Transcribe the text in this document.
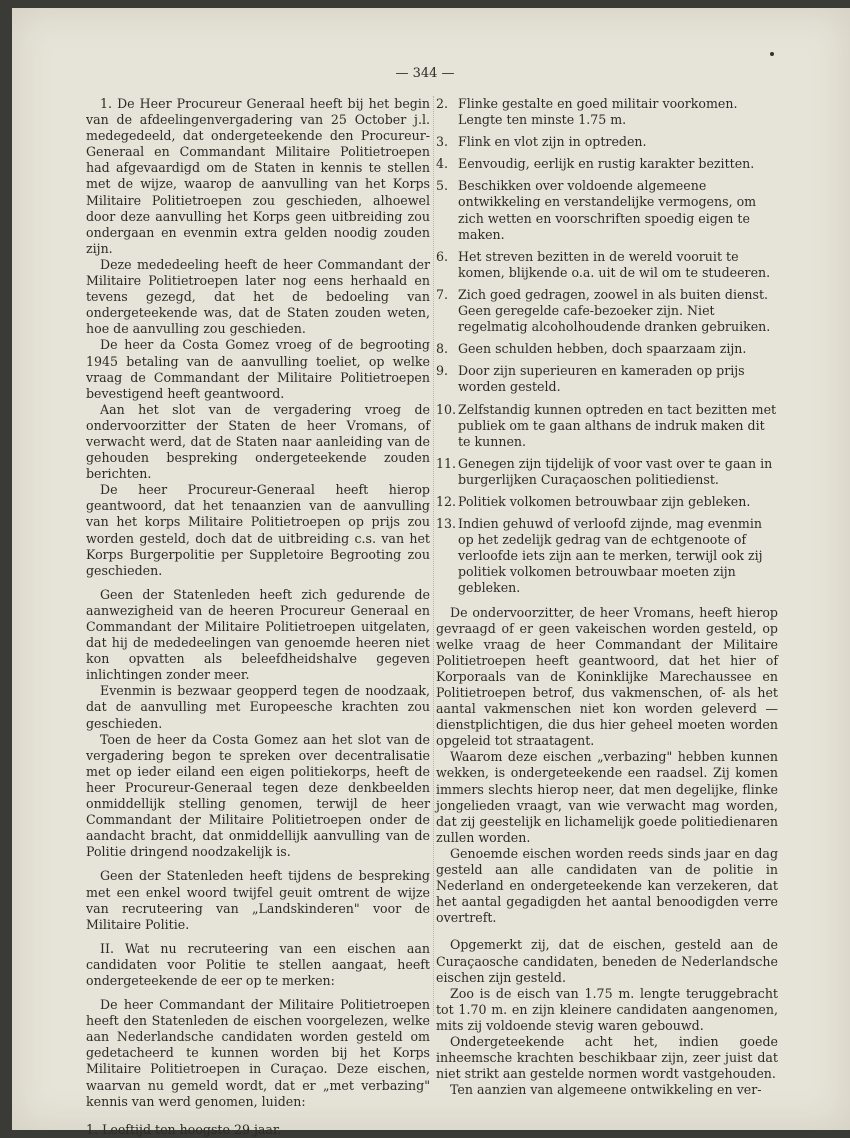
— 344 —

1. De Heer Procureur Generaal heeft bij het begin van de afdeelingenvergadering van 25 October j.l. medegedeeld, dat ondergeteekende den Procureur-Generaal en Commandant Militaire Politietroepen had afgevaardigd om de Staten in kennis te stellen met de wijze, waarop de aanvulling van het Korps Militaire Politietroepen zou geschieden, alhoewel door deze aanvulling het Korps geen uitbreiding zou ondergaan en evenmin extra gelden noodig zouden zijn.

Deze mededeeling heeft de heer Commandant der Militaire Politietroepen later nog eens herhaald en tevens gezegd, dat het de bedoeling van ondergeteekende was, dat de Staten zouden weten, hoe de aanvulling zou geschieden.

De heer da Costa Gomez vroeg of de begrooting 1945 betaling van de aanvulling toeliet, op welke vraag de Commandant der Militaire Politietroepen bevestigend heeft geantwoord.

Aan het slot van de vergadering vroeg de ondervoorzitter der Staten de heer Vromans, of verwacht werd, dat de Staten naar aanleiding van de gehouden bespreking ondergeteekende zouden berichten.

De heer Procureur-Generaal heeft hierop geantwoord, dat het tenaanzien van de aanvulling van het korps Militaire Politietroepen op prijs zou worden gesteld, doch dat de uitbreiding c.s. van het Korps Burgerpolitie per Suppletoire Begrooting zou geschieden.

Geen der Statenleden heeft zich gedurende de aanwezigheid van de heeren Procureur Generaal en Commandant der Militaire Politietroepen uitgelaten, dat hij de mededeelingen van genoemde heeren niet kon opvatten als beleefdheidshalve gegeven inlichtingen zonder meer.

Evenmin is bezwaar geopperd tegen de noodzaak, dat de aanvulling met Europeesche krachten zou geschieden.

Toen de heer da Costa Gomez aan het slot van de vergadering begon te spreken over decentralisatie met op ieder eiland een eigen politiekorps, heeft de heer Procureur-Generaal tegen deze denkbeelden onmiddellijk stelling genomen, terwijl de heer Commandant der Militaire Politietroepen onder de aandacht bracht, dat onmiddellijk aanvulling van de Politie dringend noodzakelijk is.

Geen der Statenleden heeft tijdens de bespreking met een enkel woord twijfel geuit omtrent de wijze van recruteering van „Landskinderen" voor de Militaire Politie.

II. Wat nu recruteering van een eischen aan candidaten voor Politie te stellen aangaat, heeft ondergeteekende de eer op te merken:

De heer Commandant der Militaire Politietroepen heeft den Statenleden de eischen voorgelezen, welke aan Nederlandsche candidaten worden gesteld om gedetacheerd te kunnen worden bij het Korps Militaire Politietroepen in Curaçao. Deze eischen, waarvan nu gemeld wordt, dat er „met verbazing" kennis van werd genomen, luiden:

1. Leeftijd ten hoogste 29 jaar.

2. Flinke gestalte en goed militair voorkomen. Lengte ten minste 1.75 m.
3. Flink en vlot zijn in optreden.
4. Eenvoudig, eerlijk en rustig karakter bezitten.
5. Beschikken over voldoende algemeene ontwikkeling en verstandelijke vermogens, om zich wetten en voorschriften spoedig eigen te maken.
6. Het streven bezitten in de wereld vooruit te komen, blijkende o.a. uit de wil om te studeeren.
7. Zich goed gedragen, zoowel in als buiten dienst. Geen geregelde cafe-bezoeker zijn. Niet regelmatig alcoholhoudende dranken gebruiken.
8. Geen schulden hebben, doch spaarzaam zijn.
9. Door zijn superieuren en kameraden op prijs worden gesteld.
10. Zelfstandig kunnen optreden en tact bezitten met publiek om te gaan althans de indruk maken dit te kunnen.
11. Genegen zijn tijdelijk of voor vast over te gaan in burgerlijken Curaçaoschen politiedienst.
12. Politiek volkomen betrouwbaar zijn gebleken.
13. Indien gehuwd of verloofd zijnde, mag evenmin op het zedelijk gedrag van de echtgenoote of verloofde iets zijn aan te merken, terwijl ook zij politiek volkomen betrouwbaar moeten zijn gebleken.

De ondervoorzitter, de heer Vromans, heeft hierop gevraagd of er geen vakeischen worden gesteld, op welke vraag de heer Commandant der Militaire Politietroepen heeft geantwoord, dat het hier of Korporaals van de Koninklijke Marechaussee en Politietroepen betrof, dus vakmenschen, of- als het aantal vakmenschen niet kon worden geleverd — dienstplichtigen, die dus hier geheel moeten worden opgeleid tot straatagent.

Waarom deze eischen „verbazing" hebben kunnen wekken, is ondergeteekende een raadsel. Zij komen immers slechts hierop neer, dat men degelijke, flinke jongelieden vraagt, van wie verwacht mag worden, dat zij geestelijk en lichamelijk goede politiedienaren zullen worden.

Genoemde eischen worden reeds sinds jaar en dag gesteld aan alle candidaten van de politie in Nederland en ondergeteekende kan verzekeren, dat het aantal gegadigden het aantal benoodigden verre overtreft.

Opgemerkt zij, dat de eischen, gesteld aan de Curaçaosche candidaten, beneden de Nederlandsche eischen zijn gesteld.

Zoo is de eisch van 1.75 m. lengte teruggebracht tot 1.70 m. en zijn kleinere candidaten aangenomen, mits zij voldoende stevig waren gebouwd.

Ondergeteekende acht het, indien goede inheemsche krachten beschikbaar zijn, zeer juist dat niet strikt aan gestelde normen wordt vastgehouden.

Ten aanzien van algemeene ontwikkeling en ver-
